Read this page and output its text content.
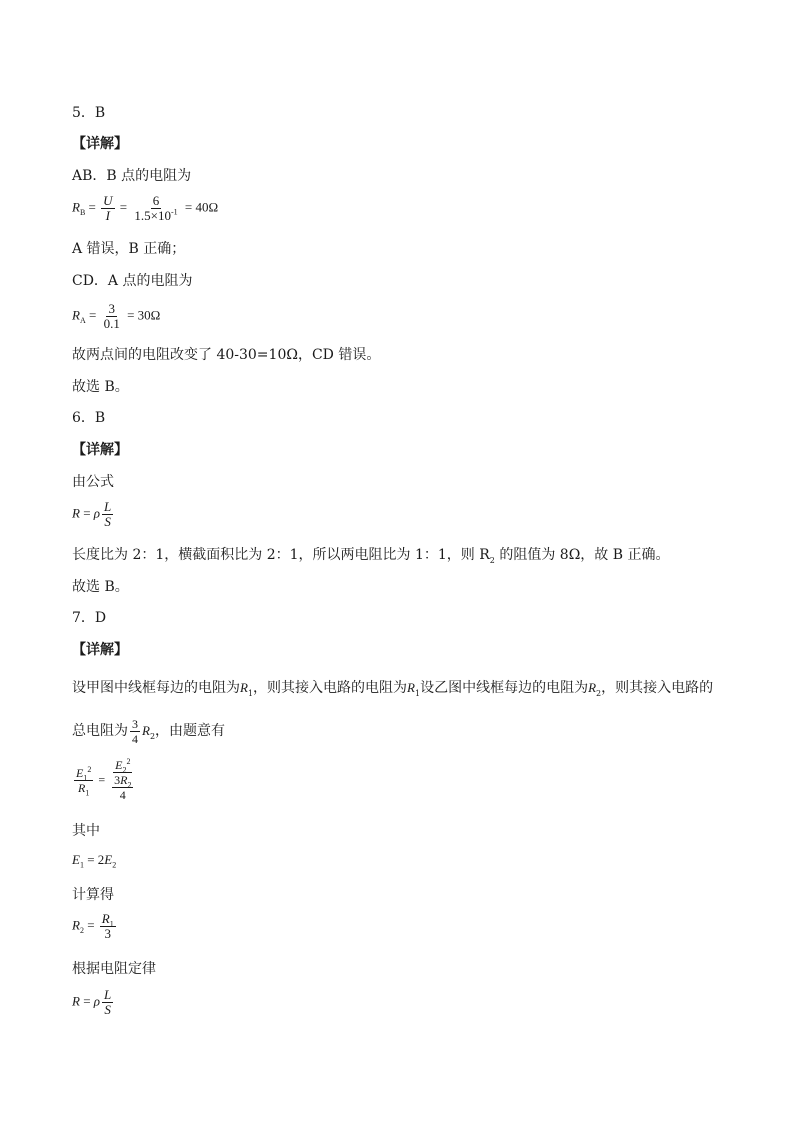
5．B
【详解】
AB．B 点的电阻为
$R_B = \frac{U}{I} = \frac{6}{1.5\times 10^{-1}} = 40\Omega$
A 错误，B 正确；
CD．A 点的电阻为
$R_A = \frac{3}{0.1} = 30\Omega$
故两点间的电阻改变了 40-30=10Ω，CD 错误。
故选 B。
6．B
【详解】
由公式
R = ρ $\frac{L}{S}$
长度比为 2：1，横截面积比为 2：1，所以两电阻比为 1：1，则 $R_2$ 的阻值为 8Ω，故 B 正确。
故选 B。
7．D
【详解】
设甲图中线框每边的电阻为$R_1$，则其接入电路的电阻为$R_1$设乙图中线框每边的电阻为$R_2$，则其接入电路的
总电阻为 $\frac{3}{4} R_2$，由题意有
$\frac{E_1^2}{R_1} = \frac{E_2^2}{\frac{3R_2}{4}}$
其中
$E_1 = 2E_2$
计算得
$R_2 = \frac{R_1}{3}$
根据电阻定律
R = ρ $\frac{L}{S}$
